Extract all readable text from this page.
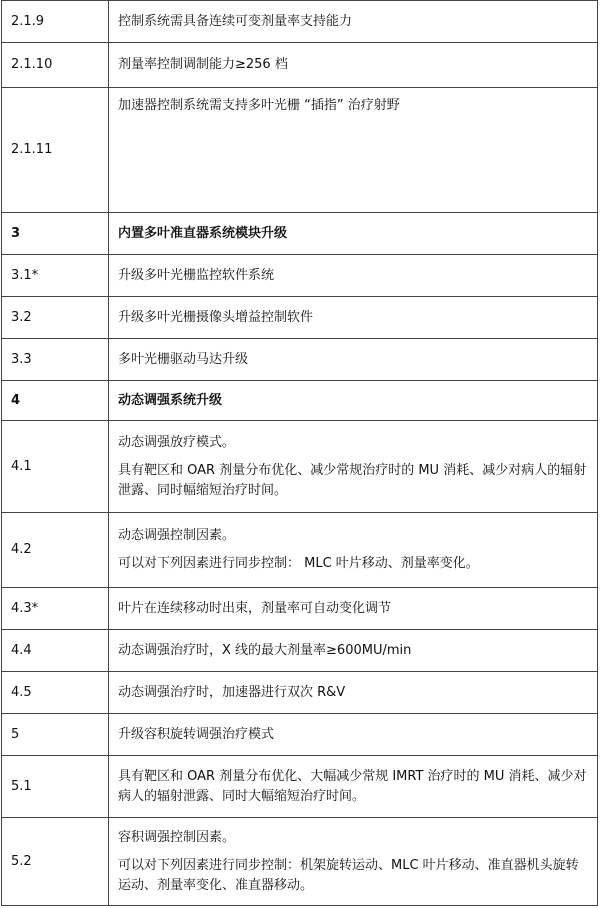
2.1.9	控制系统需具备连续可变剂量率支持能力

2.1.10	剂量率控制调制能力≥256 档

2.1.11	加速器控制系统需支持多叶光栅 “插指” 治疗射野

3	内置多叶准直器系统模块升级

3.1*	升级多叶光栅监控软件系统

3.2	升级多叶光栅摄像头增益控制软件

3.3	多叶光栅驱动马达升级

4	动态调强系统升级

4.1	动态调强放疗模式。

具有靶区和 OAR 剂量分布优化、减少常规治疗时的 MU 消耗、减少对病人的辐射泄露、同时幅缩短治疗时间。

4.2	动态调强控制因素。

可以对下列因素进行同步控制： MLC 叶片移动、剂量率变化。

4.3*	叶片在连续移动时出束，剂量率可自动变化调节

4.4	动态调强治疗时，X 线的最大剂量率≥600MU/min

4.5	动态调强治疗时，加速器进行双次 R&V

5	升级容积旋转调强治疗模式

5.1	具有靶区和 OAR 剂量分布优化、大幅减少常规 IMRT 治疗时的 MU 消耗、减少对病人的辐射泄露、同时大幅缩短治疗时间。

5.2	容积调强控制因素。

可以对下列因素进行同步控制：机架旋转运动、MLC 叶片移动、准直器机头旋转运动、剂量率变化、准直器移动。
